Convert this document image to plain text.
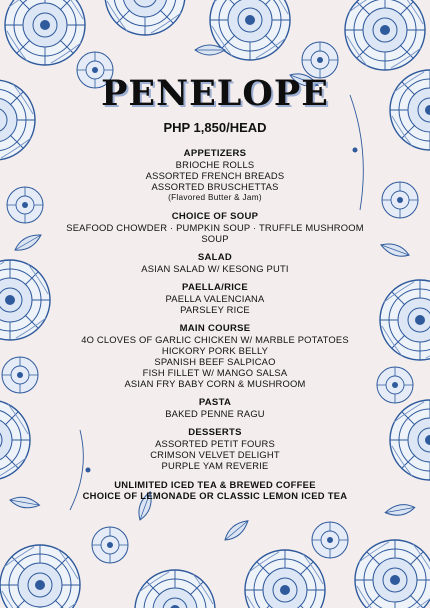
PENELOPE
PHP 1,850/HEAD
APPETIZERS
BRIOCHE ROLLS
ASSORTED FRENCH BREADS
ASSORTED BRUSCHETTAS
(Flavored Butter & Jam)
CHOICE OF SOUP
SEAFOOD CHOWDER · PUMPKIN SOUP · TRUFFLE MUSHROOM SOUP
SALAD
ASIAN SALAD W/ KESONG PUTI
PAELLA/RICE
PAELLA VALENCIANA
PARSLEY RICE
MAIN COURSE
4O CLOVES OF GARLIC CHICKEN W/ MARBLE POTATOES
HICKORY PORK BELLY
SPANISH BEEF SALPICAO
FISH FILLET W/ MANGO SALSA
ASIAN FRY BABY CORN & MUSHROOM
PASTA
BAKED PENNE RAGU
DESSERTS
ASSORTED PETIT FOURS
CRIMSON VELVET DELIGHT
PURPLE YAM REVERIE
UNLIMITED ICED TEA & BREWED COFFEE
CHOICE OF LEMONADE OR CLASSIC LEMON ICED TEA
